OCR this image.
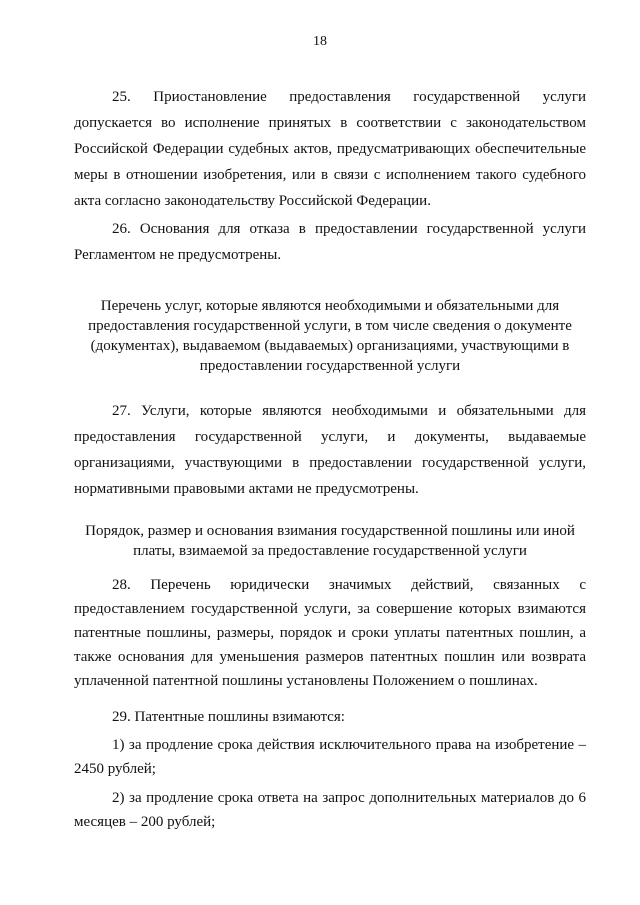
18

25. Приостановление предоставления государственной услуги допускается во исполнение принятых в соответствии с законодательством Российской Федерации судебных актов, предусматривающих обеспечительные меры в отношении изобретения, или в связи с исполнением такого судебного акта согласно законодательству Российской Федерации.

26. Основания для отказа в предоставлении государственной услуги Регламентом не предусмотрены.

Перечень услуг, которые являются необходимыми и обязательными для предоставления государственной услуги, в том числе сведения о документе (документах), выдаваемом (выдаваемых) организациями, участвующими в предоставлении государственной услуги

27. Услуги, которые являются необходимыми и обязательными для предоставления государственной услуги, и документы, выдаваемые организациями, участвующими в предоставлении государственной услуги, нормативными правовыми актами не предусмотрены.

Порядок, размер и основания взимания государственной пошлины или иной платы, взимаемой за предоставление государственной услуги

28. Перечень юридически значимых действий, связанных с предоставлением государственной услуги, за совершение которых взимаются патентные пошлины, размеры, порядок и сроки уплаты патентных пошлин, а также основания для уменьшения размеров патентных пошлин или возврата уплаченной патентной пошлины установлены Положением о пошлинах.

29. Патентные пошлины взимаются:

1) за продление срока действия исключительного права на изобретение – 2450 рублей;

2) за продление срока ответа на запрос дополнительных материалов до 6 месяцев – 200 рублей;
